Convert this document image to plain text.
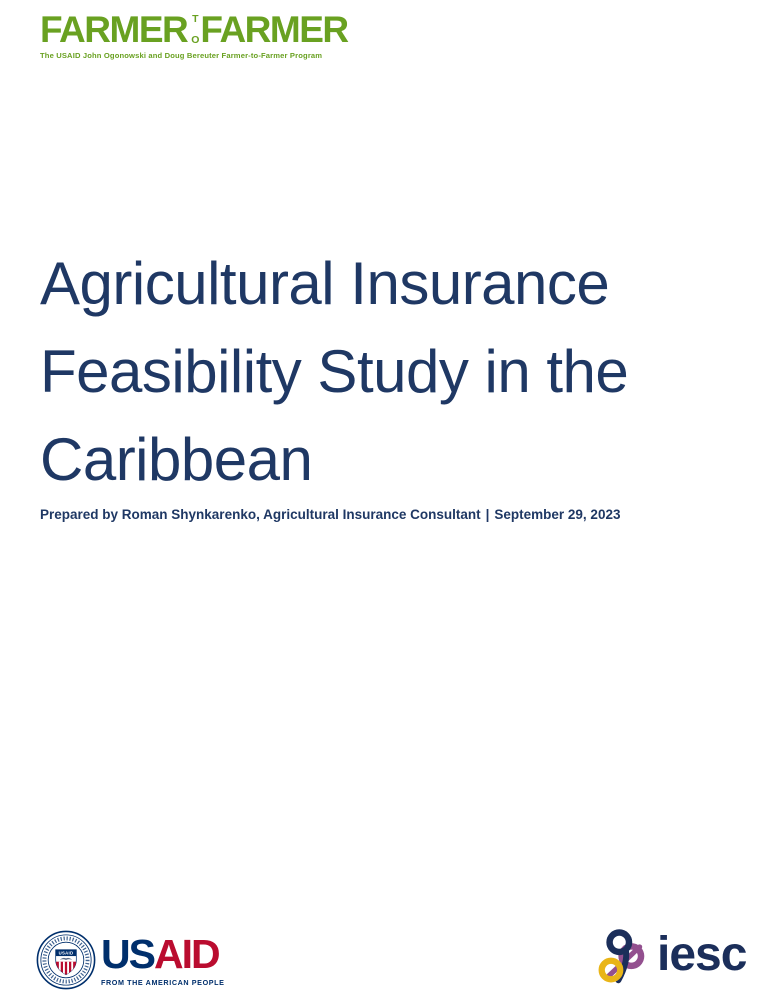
FARMER T
O FARMER
The USAID John Ogonowski and Doug Bereuter Farmer-to-Farmer Program
Agricultural Insurance
Feasibility Study in the
Caribbean

Prepared by Roman Shynkarenko, Agricultural Insurance Consultant | September 29, 2023

USAID USAID
FROM THE AMERICAN PEOPLE
iesc
